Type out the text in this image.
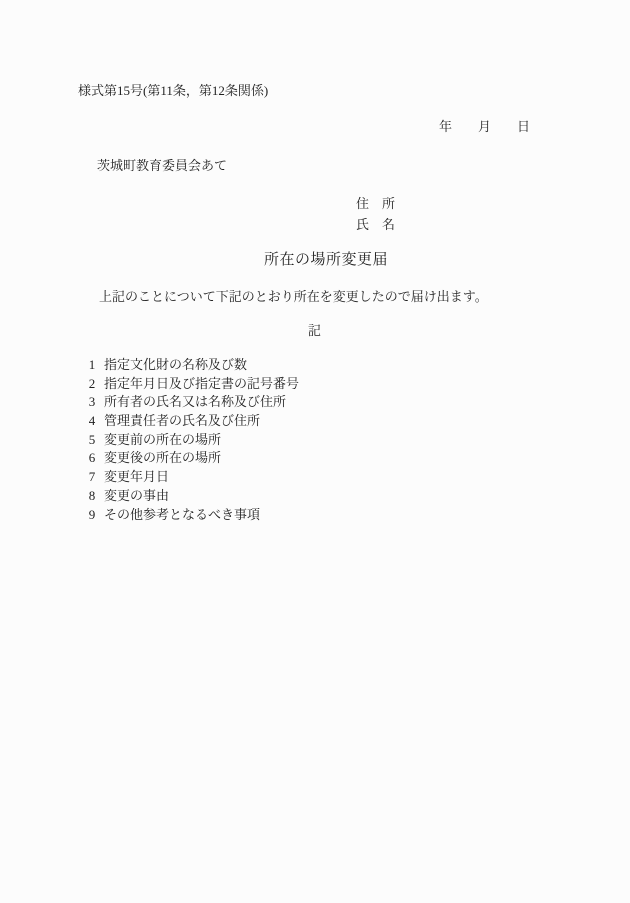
様式第15号(第11条，第12条関係)
年　　月　　日
茨城町教育委員会あて
住　所
氏　名
所在の場所変更届
上記のことについて下記のとおり所在を変更したので届け出ます。
記
1 指定文化財の名称及び数
2 指定年月日及び指定書の記号番号
3 所有者の氏名又は名称及び住所
4 管理責任者の氏名及び住所
5 変更前の所在の場所
6 変更後の所在の場所
7 変更年月日
8 変更の事由
9 その他参考となるべき事項
